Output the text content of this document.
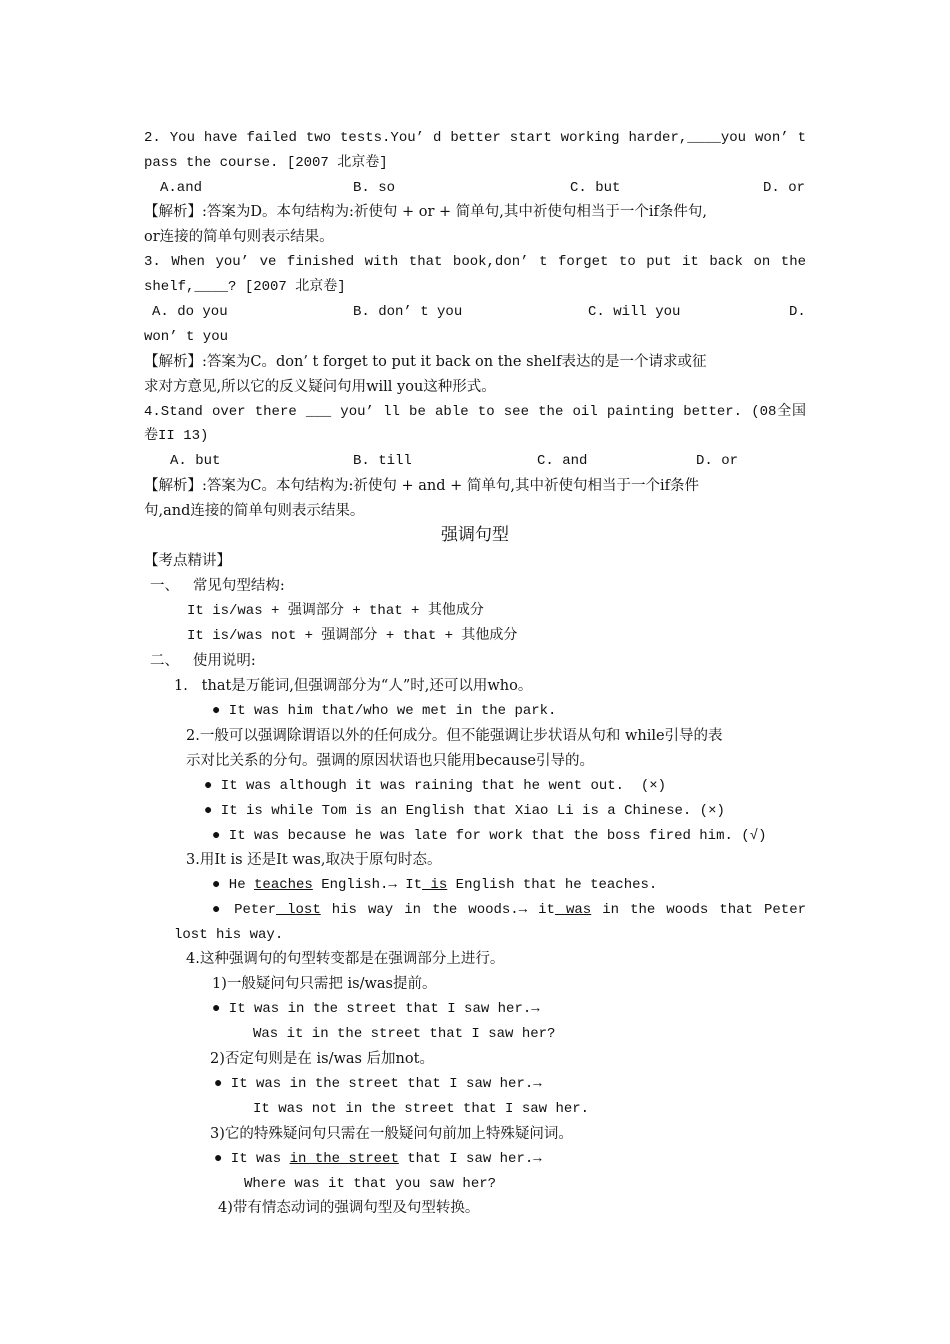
2. You have failed two tests.You’ d better start working harder,____you won’ t
pass the course. [2007 北京卷]
A.and	B. so	C. but	D. or
【解析】:答案为D。本句结构为:祈使句 + or + 简单句,其中祈使句相当于一个if条件句,
or连接的简单句则表示结果。
3. When you’ ve finished with that book,don’ t forget to put it back on the
shelf,____? [2007 北京卷]
A. do you	B. don’ t you	C. will you	D.
won’ t you
【解析】:答案为C。don’ t forget to put it back on the shelf表达的是一个请求或征
求对方意见,所以它的反义疑问句用will you这种形式。
4.Stand over there ___ you’ ll be able to see the oil painting better. (08全国
卷II 13)
A. but	B. till	C. and	D. or
【解析】:答案为C。本句结构为:祈使句 + and + 简单句,其中祈使句相当于一个if条件
句,and连接的简单句则表示结果。
强调句型
【考点精讲】
一、   常见句型结构:
It is/was + 强调部分 + that + 其他成分
It is/was not + 强调部分 + that + 其他成分
二、   使用说明:
1.   that是万能词,但强调部分为“人”时,还可以用who。
● It was him that/who we met in the park.
2.一般可以强调除谓语以外的任何成分。但不能强调让步状语从句和 while引导的表
示对比关系的分句。强调的原因状语也只能用because引导的。
● It was although it was raining that he went out.  (×)
● It is while Tom is an English that Xiao Li is a Chinese. (×)
● It was because he was late for work that the boss fired him. (√)
3.用It is 还是It was,取决于原句时态。
● He teaches English.→ It is English that he teaches.
● Peter lost his way in the woods.→ it was in the woods that Peter
lost his way.
4.这种强调句的句型转变都是在强调部分上进行。
1)一般疑问句只需把 is/was提前。
● It was in the street that I saw her.→
Was it in the street that I saw her?
2)否定句则是在 is/was 后加not。
● It was in the street that I saw her.→
It was not in the street that I saw her.
3)它的特殊疑问句只需在一般疑问句前加上特殊疑问词。
● It was in the street that I saw her.→
Where was it that you saw her?
4)带有情态动词的强调句型及句型转换。
